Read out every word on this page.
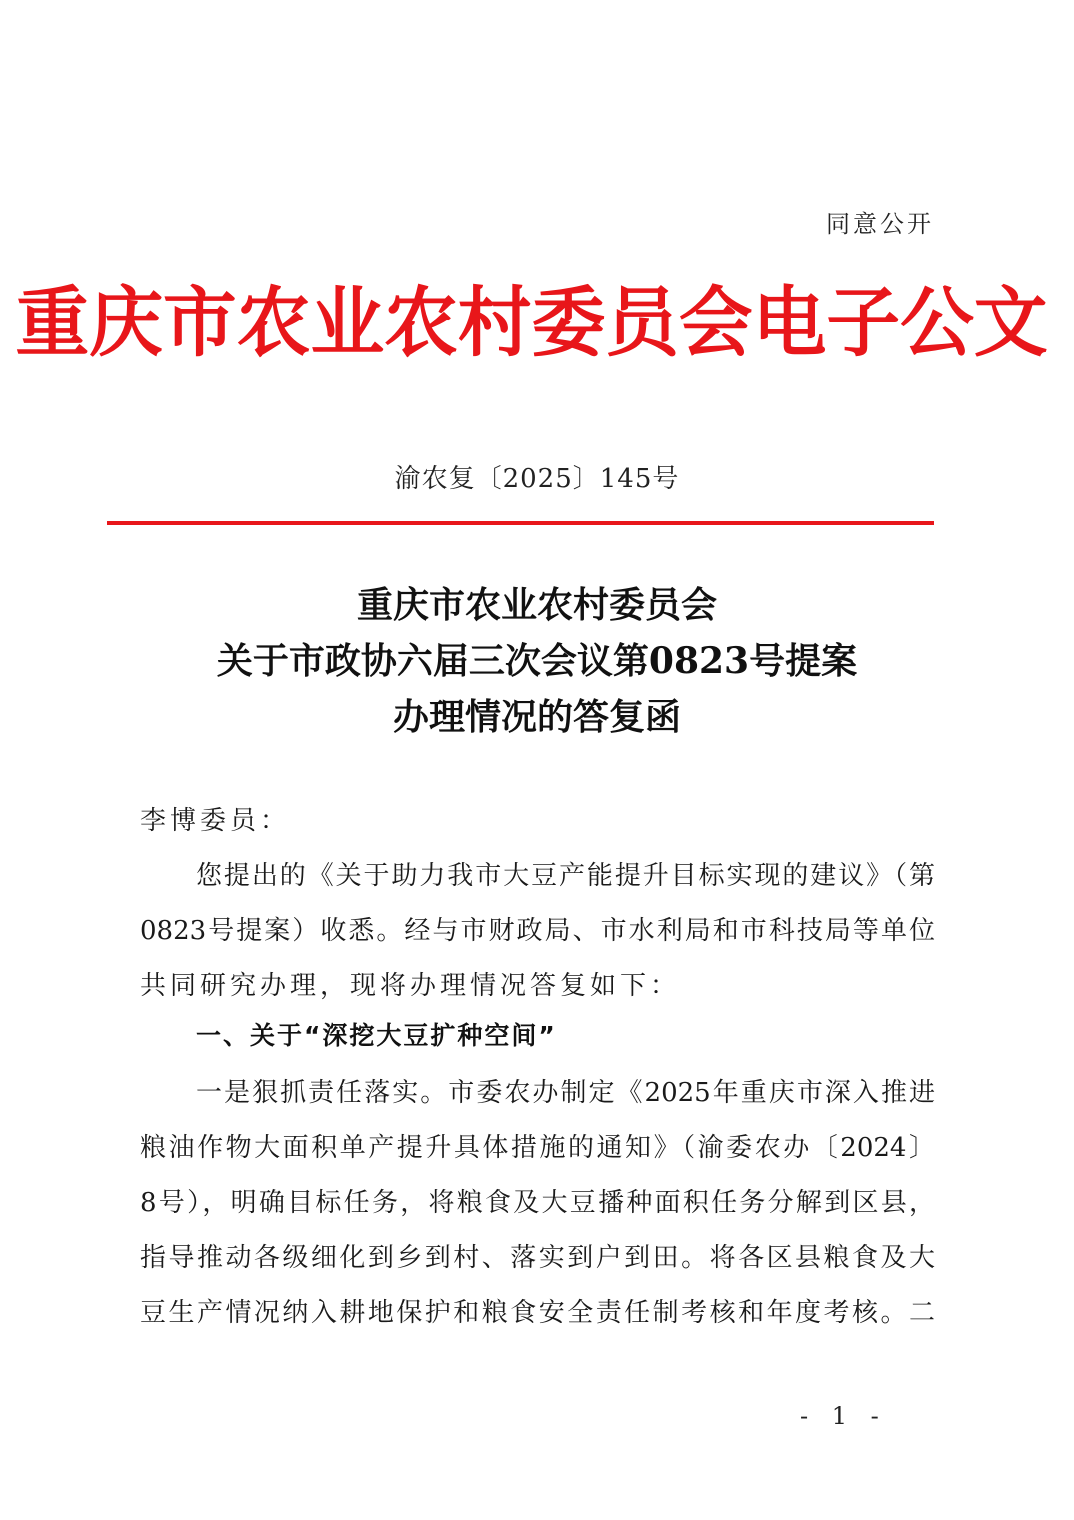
同意公开
重庆市农业农村委员会电子公文
渝农复〔2025〕145号
重庆市农业农村委员会
关于市政协六届三次会议第0823号提案
办理情况的答复函
李博委员：
您提出的《关于助力我市大豆产能提升目标实现的建议》（第
0823号提案）收悉。经与市财政局、市水利局和市科技局等单位
共同研究办理，现将办理情况答复如下：
一、关于“深挖大豆扩种空间”
一是狠抓责任落实。市委农办制定《2025年重庆市深入推进
粮油作物大面积单产提升具体措施的通知》（渝委农办〔2024〕
8号），明确目标任务，将粮食及大豆播种面积任务分解到区县，
指导推动各级细化到乡到村、落实到户到田。将各区县粮食及大
豆生产情况纳入耕地保护和粮食安全责任制考核和年度考核。二
- 1 -
